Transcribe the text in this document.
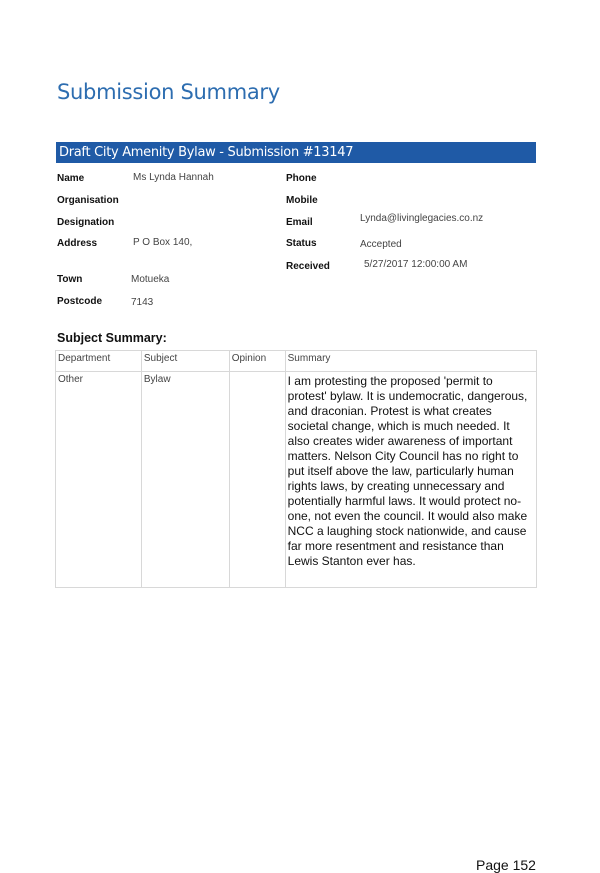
Submission Summary
Draft City Amenity Bylaw - Submission #13147
Name	Ms Lynda Hannah
Organisation
Designation
Address	P O Box 140,
Town	Motueka
Postcode	7143
Phone
Mobile
Email	Lynda@livinglegacies.co.nz
Status	Accepted
Received	5/27/2017 12:00:00 AM
Subject Summary:
Department	Subject	Opinion	Summary
Other	Bylaw		I am protesting the proposed 'permit to protest' bylaw. It is undemocratic, dangerous, and draconian. Protest is what creates societal change, which is much needed. It also creates wider awareness of important matters. Nelson City Council has no right to put itself above the law, particularly human rights laws, by creating unnecessary and potentially harmful laws. It would protect no-one, not even the council. It would also make NCC a laughing stock nationwide, and cause far more resentment and resistance than Lewis Stanton ever has.
Page 152
